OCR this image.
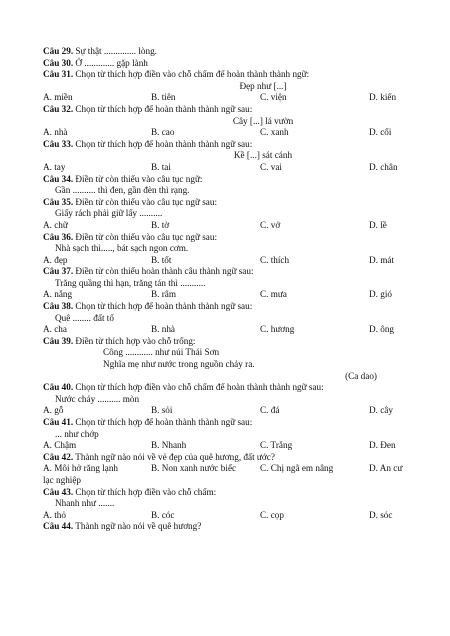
Câu 29. Sự thật .............. lòng.
Câu 30. Ở ............. gặp lành
Câu 31. Chọn từ thích hợp điền vào chỗ chấm để hoàn thành thành ngữ:
Đẹp như [...]
A. miền	B. tiên	C. viện	D. kiến
Câu 32. Chọn từ thích hợp để hoàn thành thành ngữ sau:
Cây [...] lá vườn
A. nhà	B. cao	C. xanh	D. cối
Câu 33. Chọn từ thích hợp để hoàn thành thành ngữ sau:
Kề [...] sát cánh
A. tay	B. tai	C. vai	D. chân
Câu 34. Điền từ còn thiếu vào câu tục ngữ:
Gần .......... thì đen, gần đèn thì rạng.
Câu 35. Điền từ còn thiếu vào câu tục ngữ sau:
Giấy rách phải giữ lấy ..........
A. chữ	B. tờ	C. vở	D. lề
Câu 36. Điền từ còn thiếu vào câu tục ngữ sau:
Nhà sạch thì....., bát sạch ngon cơm.
A. đẹp	B. tốt	C. thích	D. mát
Câu 37. Điền từ còn thiếu hoàn thành câu thành ngữ sau:
Trăng quầng thì hạn, trăng tán thì ...........
A. nắng	B. râm	C. mưa	D. gió
Câu 38. Chọn từ thích hợp để hoàn thành thành ngữ sau:
Quê ........ đất tổ
A. cha	B. nhà	C. hương	D. ông
Câu 39. Điền từ thích hợp vào chỗ trống:
Công ............ như núi Thái Sơn
Nghĩa mẹ như nước trong nguồn chảy ra.
(Ca dao)
Câu 40. Chọn từ thích hợp điền vào chỗ chấm để hoàn thành thành ngữ sau:
Nước chảy .......... mòn
A. gỗ	B. sỏi	C. đá	D. cây
Câu 41. Chọn từ thích hợp để hoàn thành thành ngữ sau:
... như chớp
A. Chậm	B. Nhanh	C. Trắng	D. Đen
Câu 42. Thành ngữ nào nói về vẻ đẹp của quê hương, đất ước?
A. Môi hở răng lạnh	B. Non xanh nước biếc	C. Chị ngã em nâng	D. An cư
lạc nghiệp
Câu 43. Chọn từ thích hợp điền vào chỗ chấm:
Nhanh như .......
A. thỏ	B. cóc	C. cọp	D. sóc
Câu 44. Thành ngữ nào nói về quê hương?
